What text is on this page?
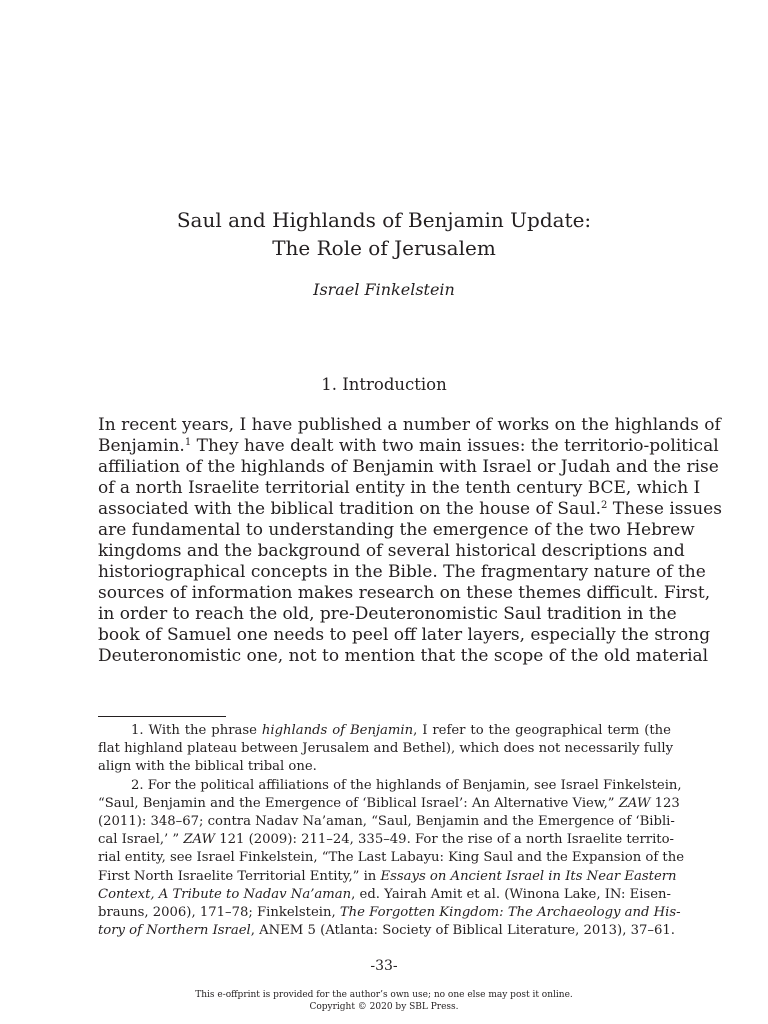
Saul and Highlands of Benjamin Update:
The Role of Jerusalem
Israel Finkelstein
1. Introduction
In recent years, I have published a number of works on the highlands of
Benjamin.$^1$ They have dealt with two main issues: the territorio-political
affiliation of the highlands of Benjamin with Israel or Judah and the rise
of a north Israelite territorial entity in the tenth century BCE, which I
associated with the biblical tradition on the house of Saul.$^2$ These issues
are fundamental to understanding the emergence of the two Hebrew
kingdoms and the background of several historical descriptions and
historiographical concepts in the Bible. The fragmentary nature of the
sources of information makes research on these themes difficult. First,
in order to reach the old, pre-Deuteronomistic Saul tradition in the
book of Samuel one needs to peel off later layers, especially the strong
Deuteronomistic one, not to mention that the scope of the old material
1. With the phrase highlands of Benjamin, I refer to the geographical term (the
flat highland plateau between Jerusalem and Bethel), which does not necessarily fully
align with the biblical tribal one.
2. For the political affiliations of the highlands of Benjamin, see Israel Finkelstein,
“Saul, Benjamin and the Emergence of ‘Biblical Israel’: An Alternative View,” ZAW 123
(2011): 348–67; contra Nadav Na’aman, “Saul, Benjamin and the Emergence of ‘Bibli-
cal Israel,’ ” ZAW 121 (2009): 211–24, 335–49. For the rise of a north Israelite territo-
rial entity, see Israel Finkelstein, “The Last Labayu: King Saul and the Expansion of the
First North Israelite Territorial Entity,” in Essays on Ancient Israel in Its Near Eastern
Context, A Tribute to Nadav Na’aman, ed. Yairah Amit et al. (Winona Lake, IN: Eisen-
brauns, 2006), 171–78; Finkelstein, The Forgotten Kingdom: The Archaeology and His-
tory of Northern Israel, ANEM 5 (Atlanta: Society of Biblical Literature, 2013), 37–61.
-33-
This e-offprint is provided for the author’s own use; no one else may post it online.
Copyright © 2020 by SBL Press.
